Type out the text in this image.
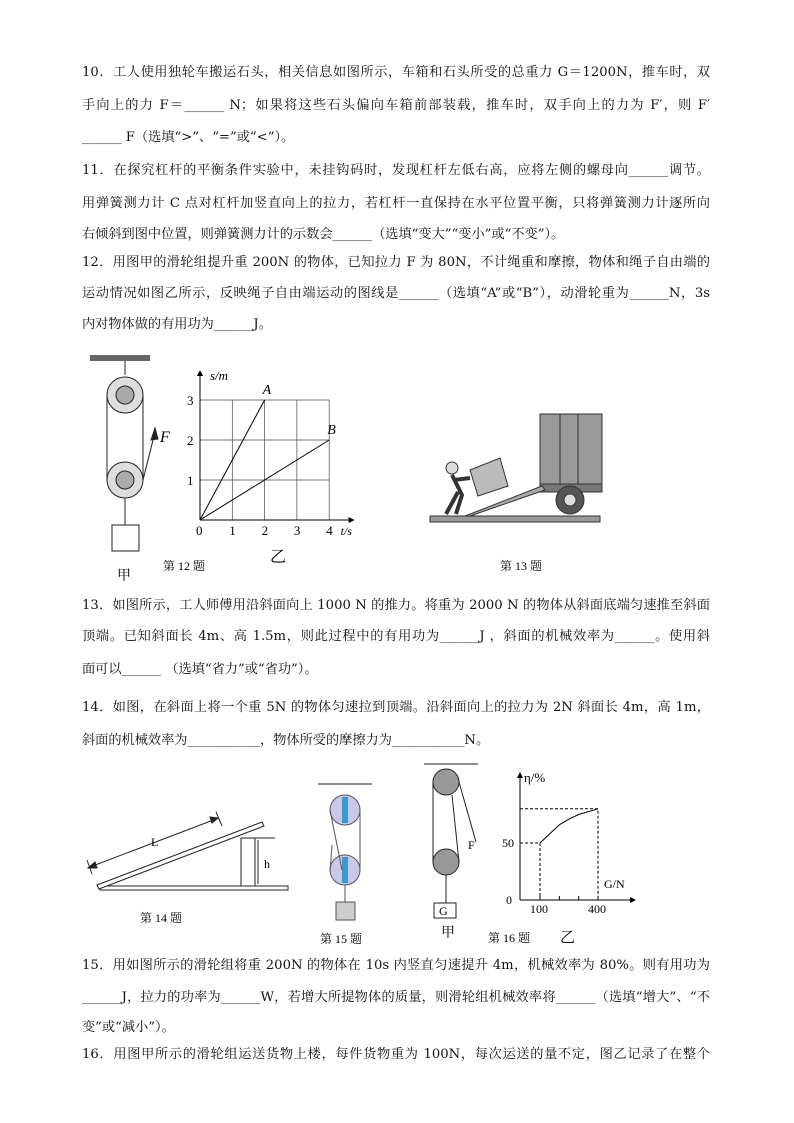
10．工人使用独轮车搬运石头，相关信息如图所示，车箱和石头所受的总重力 G＝1200N，推车时，双
手向上的力 F＝______ N；如果将这些石头偏向车箱前部装载，推车时，双手向上的力为 F′，则 F′
______ F（选填“>”、“=”或“<”）。
11．在探究杠杆的平衡条件实验中，未挂钩码时，发现杠杆左低右高，应将左侧的螺母向______调节。
用弹簧测力计 C 点对杠杆加竖直向上的拉力，若杠杆一直保持在水平位置平衡，只将弹簧测力计逐所向
右倾斜到图中位置，则弹簧测力计的示数会______（选填“变大”“变小”或“不变”）。
12．用图甲的滑轮组提升重 200N 的物体，已知拉力 F 为 80N，不计绳重和摩擦，物体和绳子自由端的
运动情况如图乙所示，反映绳子自由端运动的图线是______（选填“A”或“B”），动滑轮重为______N，3s
内对物体做的有用功为______J。
13．如图所示，工人师傅用沿斜面向上 1000 N 的推力。将重为 2000 N 的物体从斜面底端匀速推至斜面
顶端。已知斜面长 4m、高 1.5m，则此过程中的有用功为______J ，斜面的机械效率为______。使用斜
面可以______ （选填“省力”或“省功”）。
14．如图，在斜面上将一个重 5N 的物体匀速拉到顶端。沿斜面向上的拉力为 2N 斜面长 4m，高 1m，
斜面的机械效率为___________，物体所受的摩擦力为___________N。
15．用如图所示的滑轮组将重 200N 的物体在 10s 内竖直匀速提升 4m，机械效率为 80%。则有用功为
______J，拉力的功率为______W，若增大所提物体的质量，则滑轮组机械效率将______（选填“增大”、“不
变”或“减小”）。
16．用图甲所示的滑轮组运送货物上楼，每件货物重为 100N，每次运送的量不定，图乙记录了在整个
F
甲
第 12 题	乙
0 1 2 3 4
1
2
3
s/m
t/s
A
B
第 13 题
L
h
第 14 题
第 15 题
F
G
甲	第 16 题 乙
100	400
0
50
η/%
G/N
